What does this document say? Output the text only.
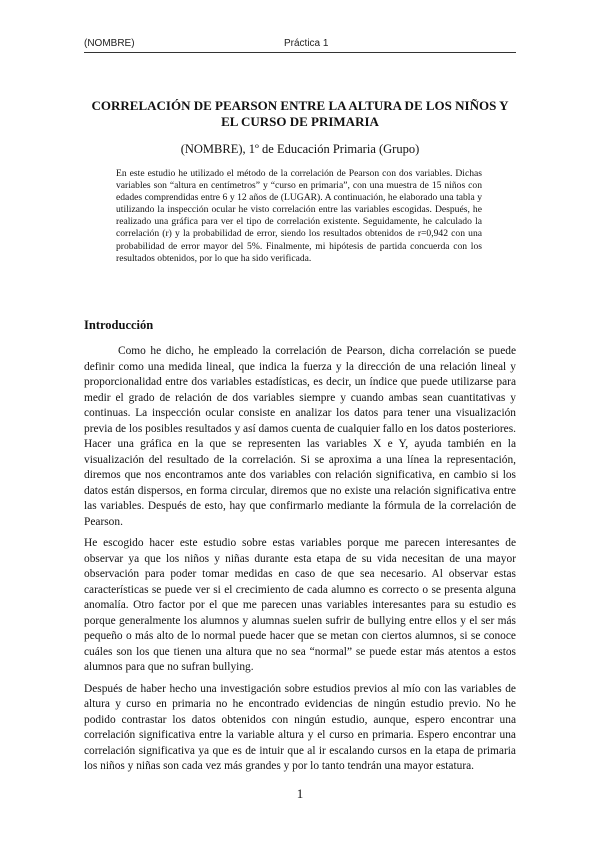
(NOMBRE)	Práctica 1
CORRELACIÓN DE PEARSON ENTRE LA ALTURA DE LOS NIÑOS Y EL CURSO DE PRIMARIA

(NOMBRE), 1º de Educación Primaria (Grupo)

En este estudio he utilizado el método de la correlación de Pearson con dos variables. Dichas variables son “altura en centímetros” y “curso en primaria”, con una muestra de 15 niños con edades comprendidas entre 6 y 12 años de (LUGAR). A continuación, he elaborado una tabla y utilizando la inspección ocular he visto correlación entre las variables escogidas. Después, he realizado una gráfica para ver el tipo de correlación existente. Seguidamente, he calculado la correlación (r) y la probabilidad de error, siendo los resultados obtenidos de r=0,942 con una probabilidad de error mayor del 5%. Finalmente, mi hipótesis de partida concuerda con los resultados obtenidos, por lo que ha sido verificada.

Introducción

Como he dicho, he empleado la correlación de Pearson, dicha correlación se puede definir como una medida lineal, que indica la fuerza y la dirección de una relación lineal y proporcionalidad entre dos variables estadísticas, es decir, un índice que puede utilizarse para medir el grado de relación de dos variables siempre y cuando ambas sean cuantitativas y continuas. La inspección ocular consiste en analizar los datos para tener una visualización previa de los posibles resultados y así damos cuenta de cualquier fallo en los datos posteriores. Hacer una gráfica en la que se representen las variables X e Y, ayuda también en la visualización del resultado de la correlación. Si se aproxima a una línea la representación, diremos que nos encontramos ante dos variables con relación significativa, en cambio si los datos están dispersos, en forma circular, diremos que no existe una relación significativa entre las variables. Después de esto, hay que confirmarlo mediante la fórmula de la correlación de Pearson.

He escogido hacer este estudio sobre estas variables porque me parecen interesantes de observar ya que los niños y niñas durante esta etapa de su vida necesitan de una mayor observación para poder tomar medidas en caso de que sea necesario. Al observar estas características se puede ver si el crecimiento de cada alumno es correcto o se presenta alguna anomalía. Otro factor por el que me parecen unas variables interesantes para su estudio es porque generalmente los alumnos y alumnas suelen sufrir de bullying entre ellos y el ser más pequeño o más alto de lo normal puede hacer que se metan con ciertos alumnos, si se conoce cuáles son los que tienen una altura que no sea “normal” se puede estar más atentos a estos alumnos para que no sufran bullying.

Después de haber hecho una investigación sobre estudios previos al mío con las variables de altura y curso en primaria no he encontrado evidencias de ningún estudio previo. No he podido contrastar los datos obtenidos con ningún estudio, aunque, espero encontrar una correlación significativa entre la variable altura y el curso en primaria. Espero encontrar una correlación significativa ya que es de intuir que al ir escalando cursos en la etapa de primaria los niños y niñas son cada vez más grandes y por lo tanto tendrán una mayor estatura.

1
